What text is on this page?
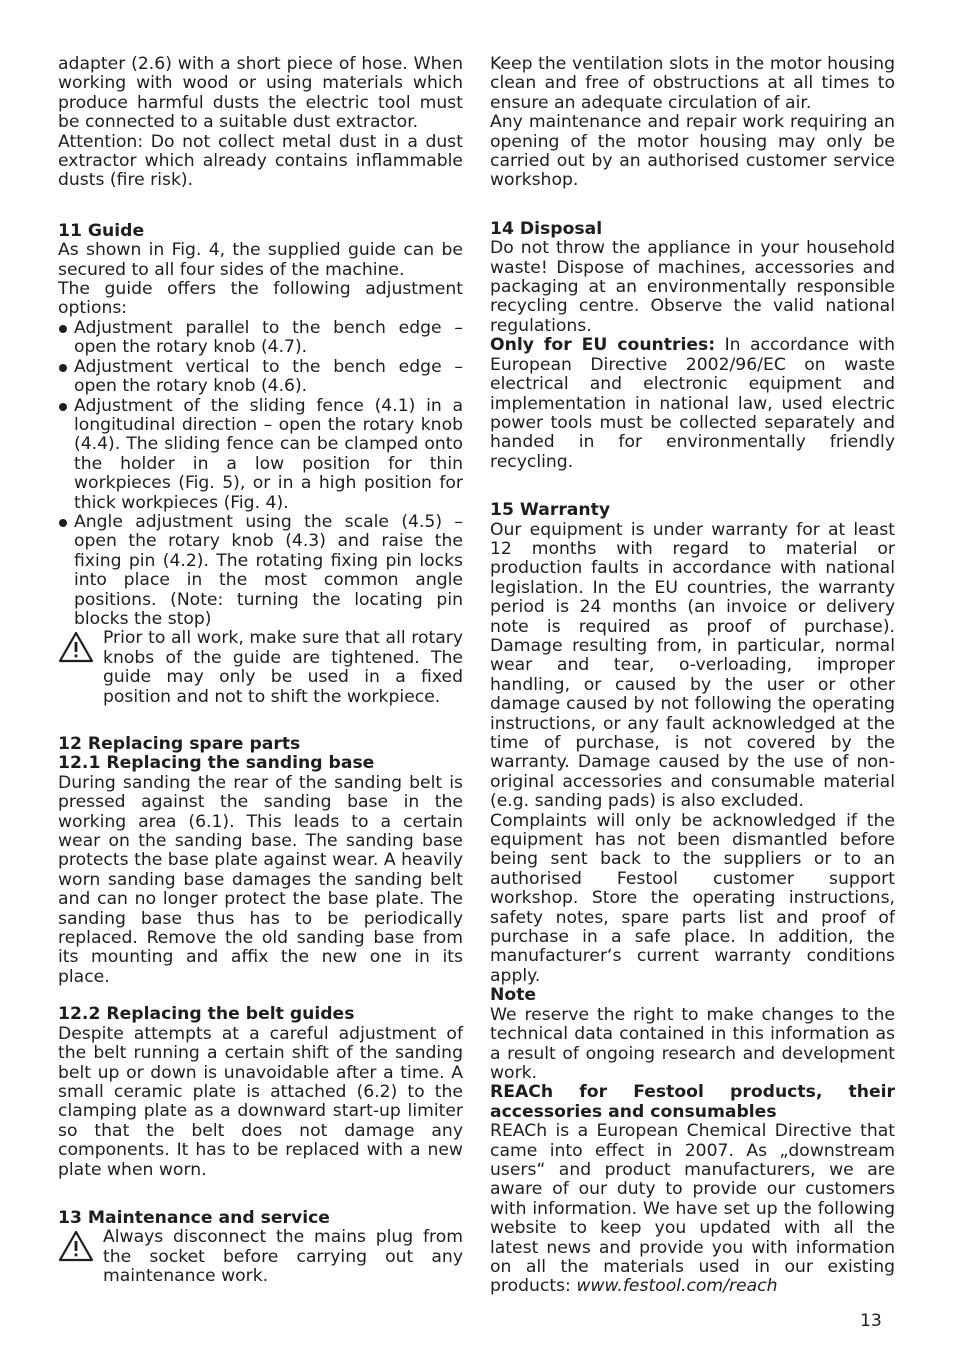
adapter (2.6) with a short piece of hose. When working with wood or using materials which produce harmful dusts the electric tool must be connected to a suitable dust extractor.

Attention: Do not collect metal dust in a dust extractor which already contains inflammable dusts (fire risk).

11 Guide

As shown in Fig. 4, the supplied guide can be secured to all four sides of the machine.

The guide offers the following adjustment options:

Adjustment parallel to the bench edge – open the rotary knob (4.7).
Adjustment vertical to the bench edge – open the rotary knob (4.6).
Adjustment of the sliding fence (4.1) in a longitudinal direction – open the rotary knob (4.4). The sliding fence can be clamped onto the holder in a low position for thin workpieces (Fig. 5), or in a high position for thick workpieces (Fig. 4).
Angle adjustment using the scale (4.5) – open the rotary knob (4.3) and raise the fixing pin (4.2). The rotating fixing pin locks into place in the most common angle positions. (Note: turning the locating pin blocks the stop)

Prior to all work, make sure that all rotary knobs of the guide are tightened. The guide may only be used in a fixed position and not to shift the workpiece.

12 Replacing spare parts

12.1 Replacing the sanding base

During sanding the rear of the sanding belt is pressed against the sanding base in the working area (6.1). This leads to a certain wear on the sanding base. The sanding base protects the base plate against wear. A heavily worn sanding base damages the sanding belt and can no longer protect the base plate. The sanding base thus has to be periodically replaced. Remove the old sanding base from its mounting and affix the new one in its place.

12.2 Replacing the belt guides

Despite attempts at a careful adjustment of the belt running a certain shift of the sanding belt up or down is unavoidable after a time. A small ceramic plate is attached (6.2) to the clamping plate as a downward start-up limiter so that the belt does not damage any components. It has to be replaced with a new plate when worn.

13 Maintenance and service

Always disconnect the mains plug from the socket before carrying out any maintenance work.

Keep the ventilation slots in the motor housing clean and free of obstructions at all times to ensure an adequate circulation of air.

Any maintenance and repair work requiring an opening of the motor housing may only be carried out by an authorised customer service workshop.

14 Disposal

Do not throw the appliance in your household waste! Dispose of machines, accessories and packaging at an environmentally responsible recycling centre. Observe the valid national regulations.

Only for EU countries: In accordance with European Directive 2002/96/EC on waste electrical and electronic equipment and implementation in national law, used electric power tools must be collected separately and handed in for environmentally friendly recycling.

15 Warranty

Our equipment is under warranty for at least 12 months with regard to material or production faults in accordance with national legislation. In the EU countries, the warranty period is 24 months (an invoice or delivery note is required as proof of purchase). Damage resulting from, in particular, normal wear and tear, o-verloading, improper handling, or caused by the user or other damage caused by not following the operating instructions, or any fault acknowledged at the time of purchase, is not covered by the warranty. Damage caused by the use of non-original accessories and consumable material (e.g. sanding pads) is also excluded.

Complaints will only be acknowledged if the equipment has not been dismantled before being sent back to the suppliers or to an authorised Festool customer support workshop. Store the operating instructions, safety notes, spare parts list and proof of purchase in a safe place. In addition, the manufacturer‘s current warranty conditions apply.

Note

We reserve the right to make changes to the technical data contained in this information as a result of ongoing research and development work.

REACh for Festool products, their accessories and consumables

REACh is a European Chemical Directive that came into effect in 2007. As „downstream users“ and product manufacturers, we are aware of our duty to provide our customers with information. We have set up the following website to keep you updated with all the latest news and provide you with information on all the materials used in our existing products: www.festool.com/reach

13
